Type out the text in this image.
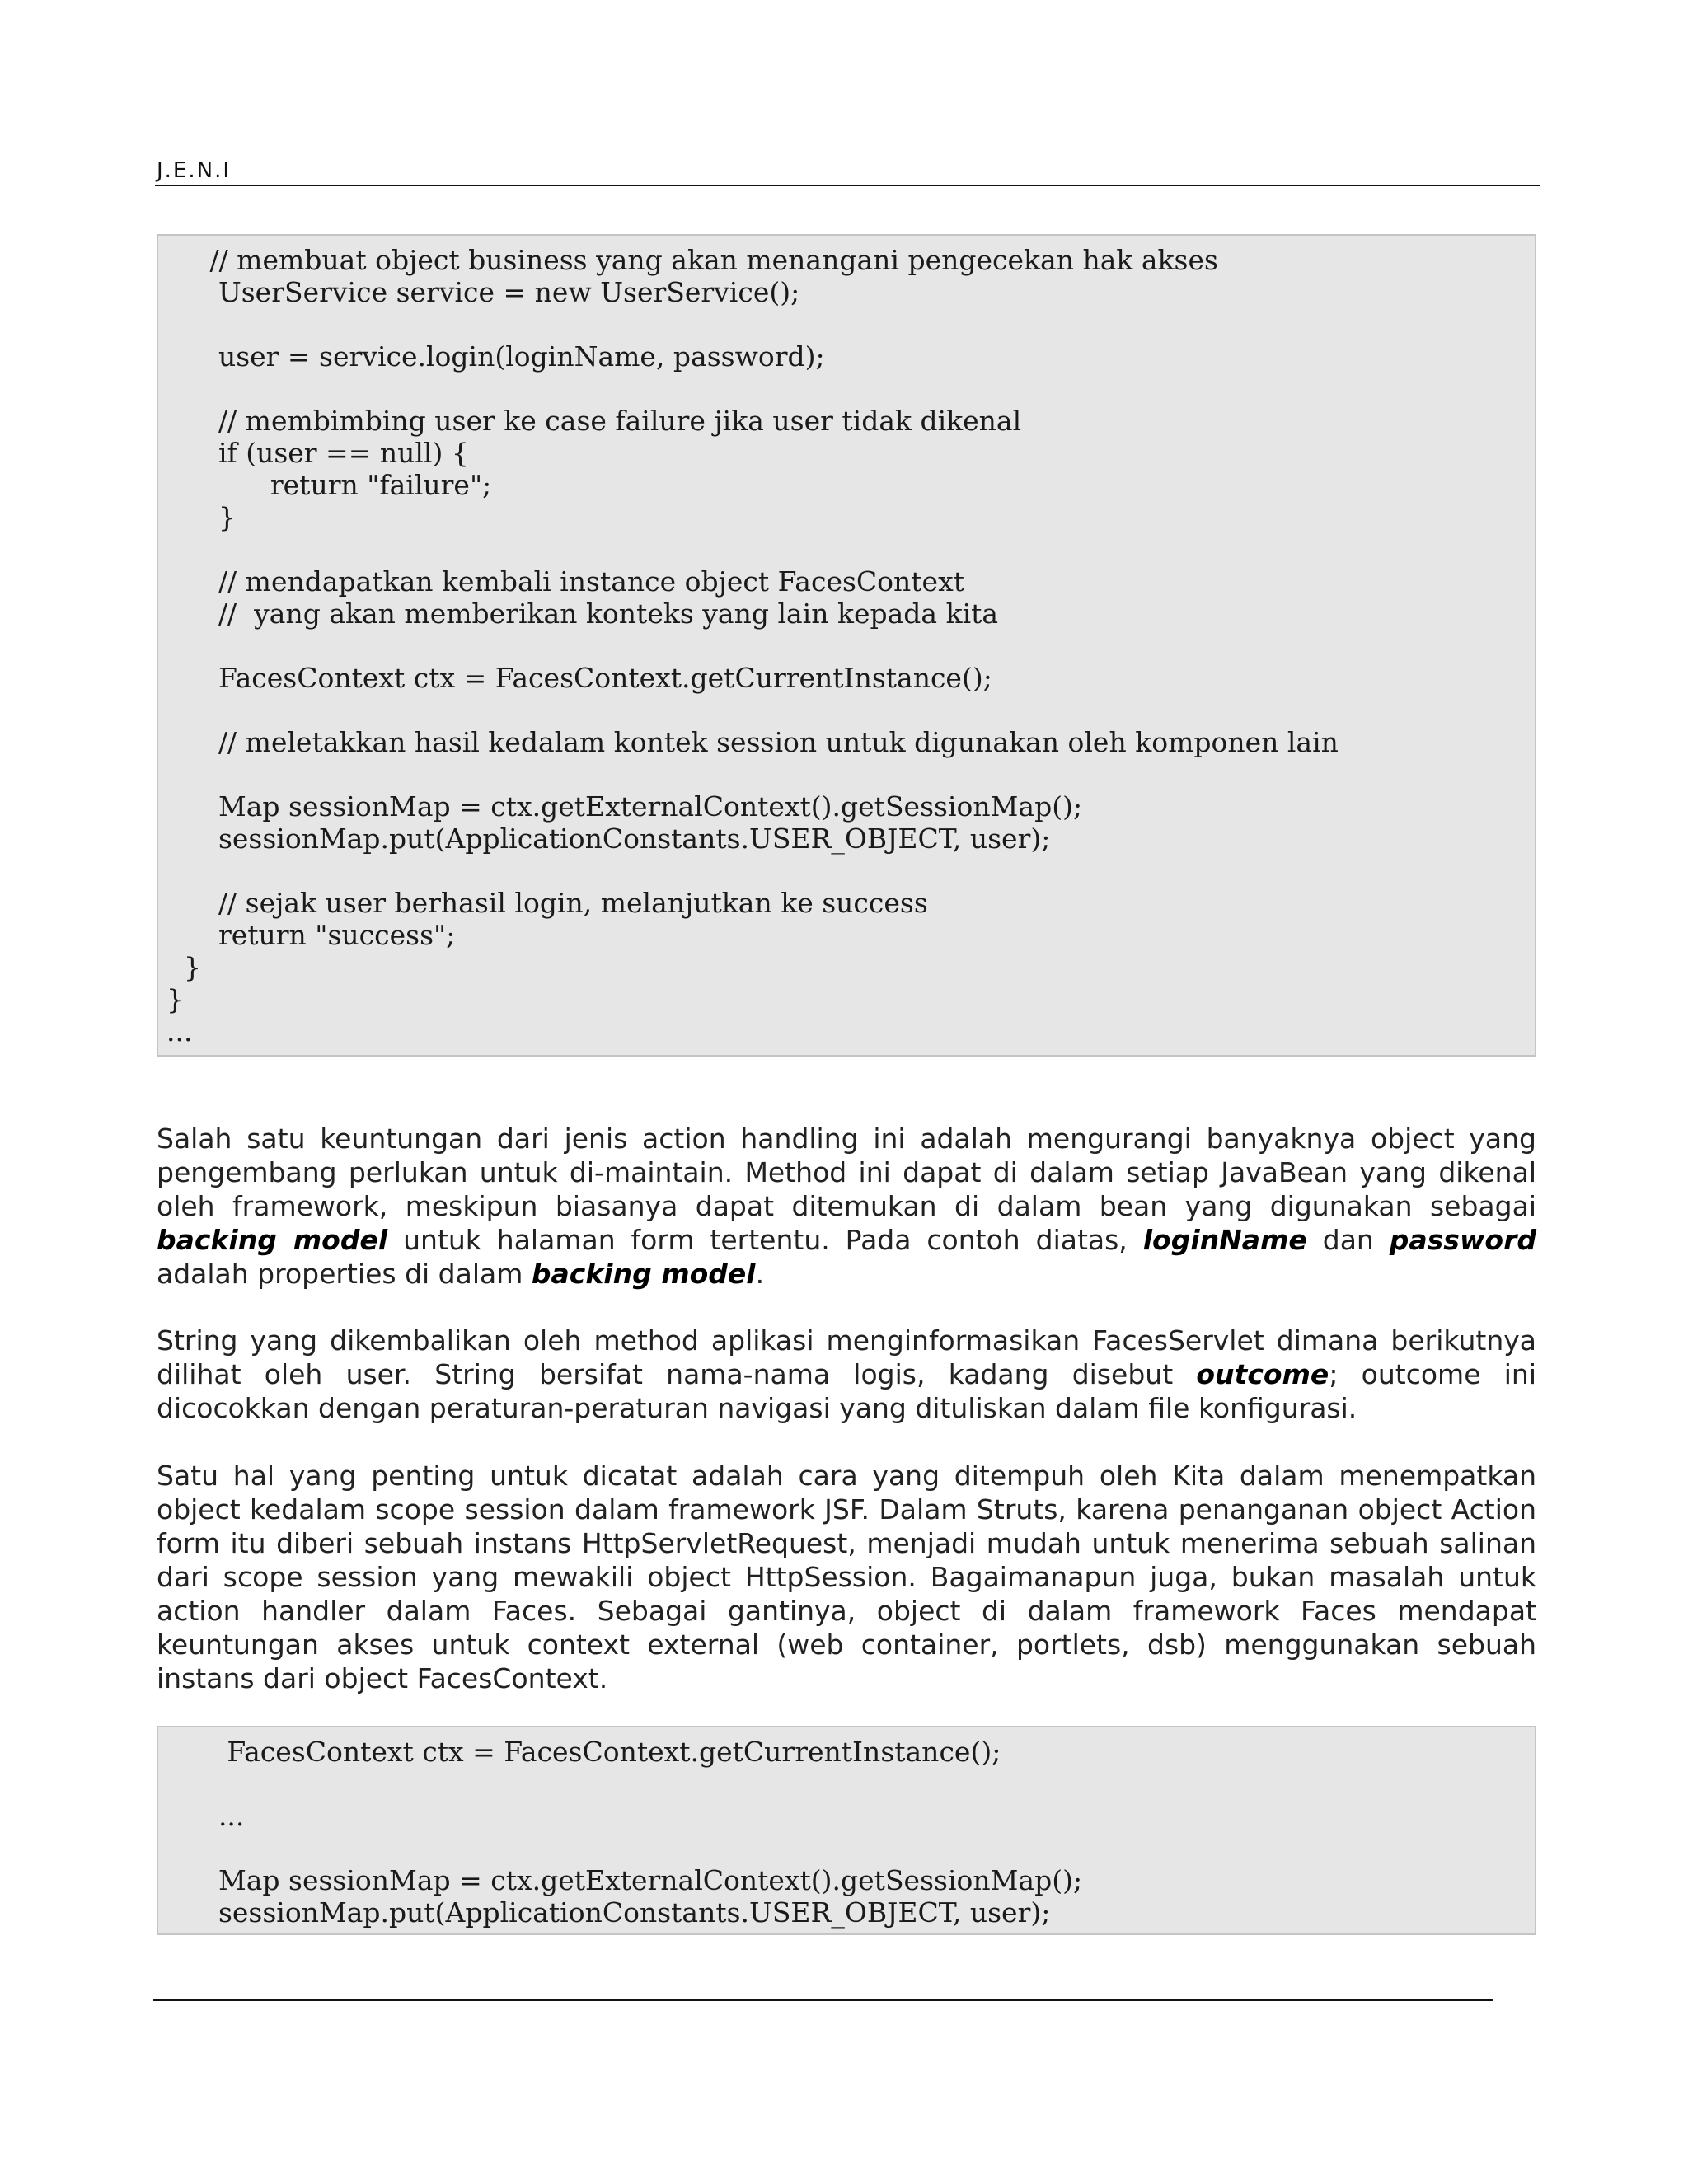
J.E.N.I
// membuat object business yang akan menangani pengecekan hak akses
UserService service = new UserService();
user = service.login(loginName, password);
// membimbing user ke case failure jika user tidak dikenal
if (user == null) {
return "failure";
}
// mendapatkan kembali instance object FacesContext
//  yang akan memberikan konteks yang lain kepada kita
FacesContext ctx = FacesContext.getCurrentInstance();
// meletakkan hasil kedalam kontek session untuk digunakan oleh komponen lain
Map sessionMap = ctx.getExternalContext().getSessionMap();
sessionMap.put(ApplicationConstants.USER_OBJECT, user);
// sejak user berhasil login, melanjutkan ke success
return "success";
}
}
...

Salah satu keuntungan dari jenis action handling ini adalah mengurangi banyaknya object yang pengembang perlukan untuk di-maintain. Method ini dapat di dalam setiap JavaBean yang dikenal oleh framework, meskipun biasanya dapat ditemukan di dalam bean yang digunakan sebagai backing model untuk halaman form tertentu. Pada contoh diatas, loginName dan password adalah properties di dalam backing model.

String yang dikembalikan oleh method aplikasi menginformasikan FacesServlet dimana berikutnya dilihat oleh user. String bersifat nama-nama logis, kadang disebut outcome; outcome ini dicocokkan dengan peraturan-peraturan navigasi yang dituliskan dalam file konfigurasi.

Satu hal yang penting untuk dicatat adalah cara yang ditempuh oleh Kita dalam menempatkan object kedalam scope session dalam framework JSF. Dalam Struts, karena penanganan object Action form itu diberi sebuah instans HttpServletRequest, menjadi mudah untuk menerima sebuah salinan dari scope session yang mewakili object HttpSession. Bagaimanapun juga, bukan masalah untuk action handler dalam Faces. Sebagai gantinya, object di dalam framework Faces mendapat keuntungan akses untuk context external (web container, portlets, dsb) menggunakan sebuah instans dari object FacesContext.

FacesContext ctx = FacesContext.getCurrentInstance();
...
Map sessionMap = ctx.getExternalContext().getSessionMap();
sessionMap.put(ApplicationConstants.USER_OBJECT, user);
